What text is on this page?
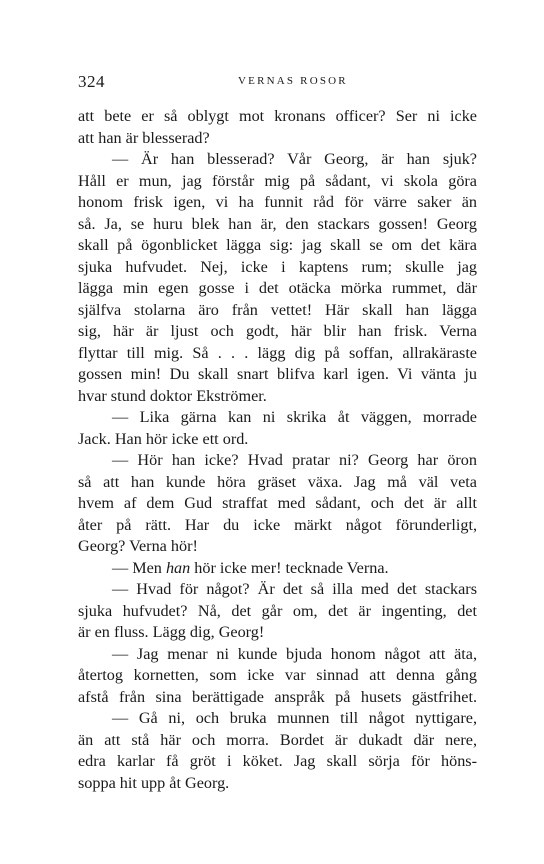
324	VERNAS ROSOR
att bete er så oblygt mot kronans officer? Ser ni icke
att han är blesserad?
— Är han blesserad? Vår Georg, är han sjuk?
Håll er mun, jag förstår mig på sådant, vi skola göra
honom frisk igen, vi ha funnit råd för värre saker än
så. Ja, se huru blek han är, den stackars gossen! Georg
skall på ögonblicket lägga sig: jag skall se om det kära
sjuka hufvudet. Nej, icke i kaptens rum; skulle jag
lägga min egen gosse i det otäcka mörka rummet, där
själfva stolarna äro från vettet! Här skall han lägga
sig, här är ljust och godt, här blir han frisk. Verna
flyttar till mig. Så . . . lägg dig på soffan, allrakäraste
gossen min! Du skall snart blifva karl igen. Vi vänta ju
hvar stund doktor Ekströmer.
— Lika gärna kan ni skrika åt väggen, morrade
Jack. Han hör icke ett ord.
— Hör han icke? Hvad pratar ni? Georg har öron
så att han kunde höra gräset växa. Jag må väl veta
hvem af dem Gud straffat med sådant, och det är allt
åter på rätt. Har du icke märkt något förunderligt,
Georg? Verna hör!
— Men han hör icke mer! tecknade Verna.
— Hvad för något? Är det så illa med det stackars
sjuka hufvudet? Nå, det går om, det är ingenting, det
är en fluss. Lägg dig, Georg!
— Jag menar ni kunde bjuda honom något att äta,
återtog kornetten, som icke var sinnad att denna gång
afstå från sina berättigade anspråk på husets gästfrihet.
— Gå ni, och bruka munnen till något nyttigare,
än att stå här och morra. Bordet är dukadt där nere,
edra karlar få gröt i köket. Jag skall sörja för höns-
soppa hit upp åt Georg.
